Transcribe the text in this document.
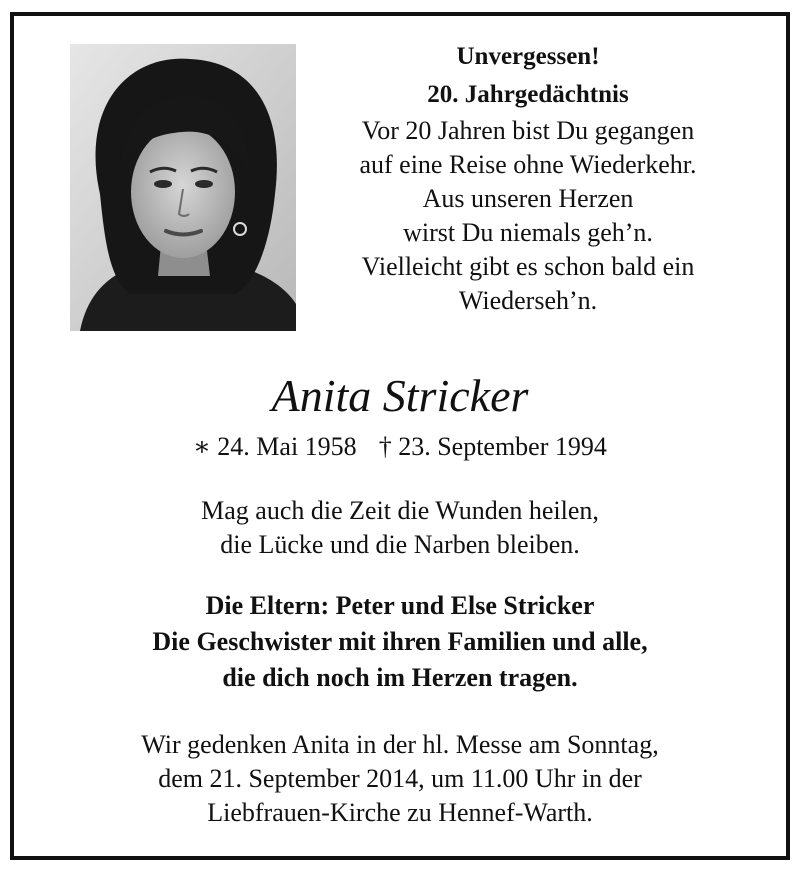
Unvergessen!
20. Jahrgedächtnis
Vor 20 Jahren bist Du gegangen
auf eine Reise ohne Wiederkehr.
Aus unseren Herzen
wirst Du niemals geh’n.
Vielleicht gibt es schon bald ein
Wiederseh’n.
Anita Stricker
∗ 24. Mai 1958 † 23. September 1994
Mag auch die Zeit die Wunden heilen,
die Lücke und die Narben bleiben.
Die Eltern: Peter und Else Stricker
Die Geschwister mit ihren Familien und alle,
die dich noch im Herzen tragen.
Wir gedenken Anita in der hl. Messe am Sonntag,
dem 21. September 2014, um 11.00 Uhr in der
Liebfrauen-Kirche zu Hennef-Warth.
